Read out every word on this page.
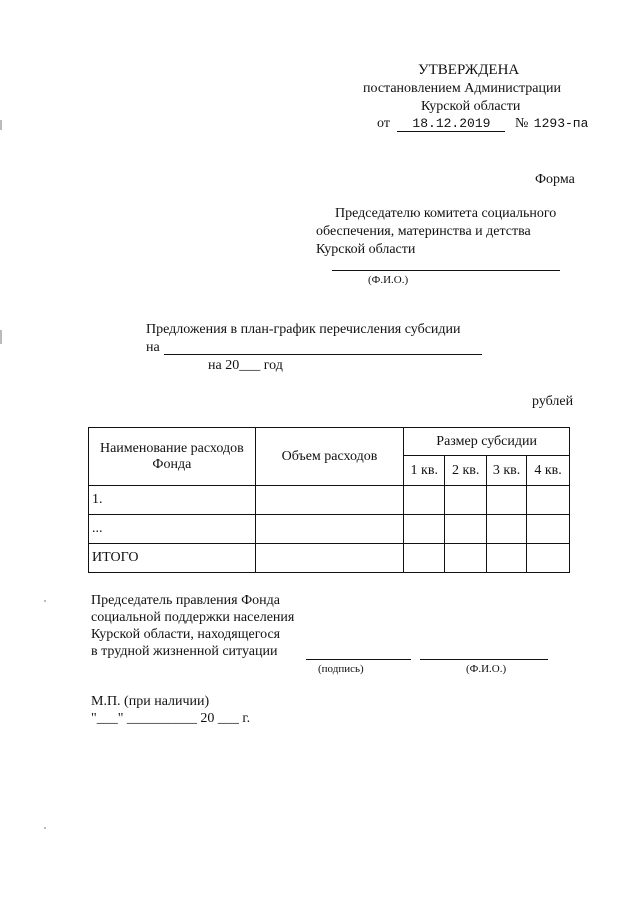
УТВЕРЖДЕНА
постановлением Администрации
Курской области
от 18.12.2019 № 1293-па
Форма
Председателю комитета социального
обеспечения, материнства и детства
Курской области
(Ф.И.О.)
Предложения в план-график перечисления субсидии
на
на 20___ год
рублей
Наименование расходов Фонда	Объем расходов	Размер субсидии			
		1 кв.	2 кв.	3 кв.	4 кв.
1.					
...					
ИТОГО					
Председатель правления Фонда
социальной поддержки населения
Курской области, находящегося
в трудной жизненной ситуации
(подпись)	(Ф.И.О.)
М.П. (при наличии)
"___" __________ 20 ___ г.
